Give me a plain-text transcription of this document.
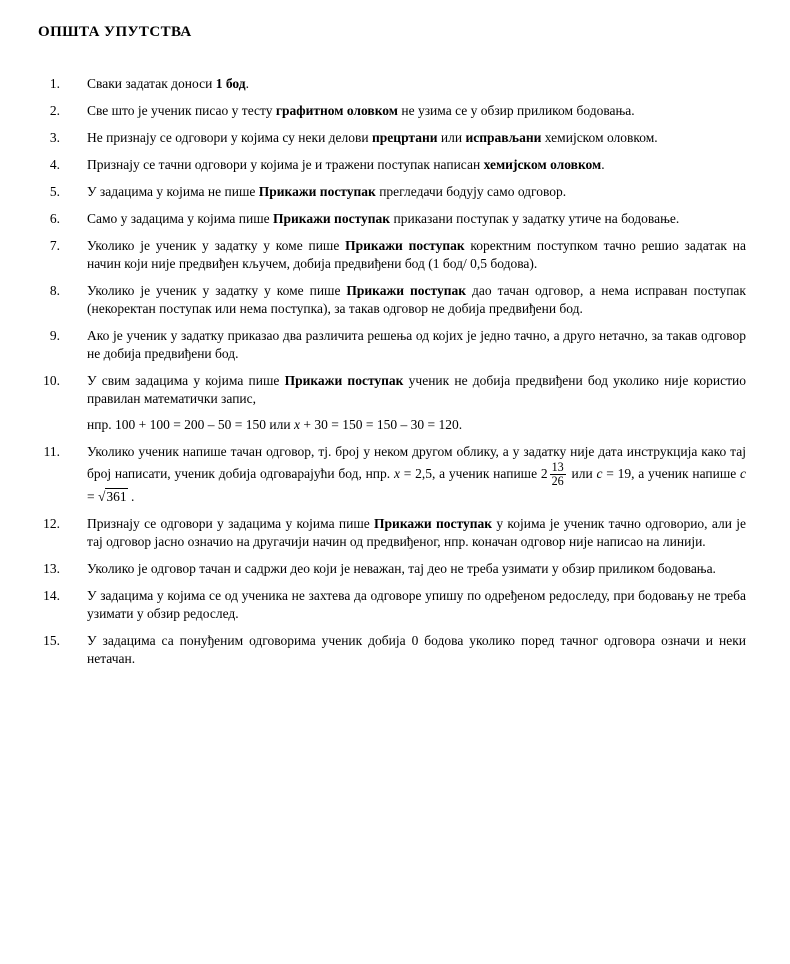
ОПШТА УПУТСТВА
1. Сваки задатак доноси 1 бод.
2. Све што је ученик писао у тесту графитном оловком не узима се у обзир приликом бодовања.
3. Не признају се одговори у којима су неки делови прецртани или исправљани хемијском оловком.
4. Признају се тачни одговори у којима је и тражени поступак написан хемијском оловком.
5. У задацима у којима не пише Прикажи поступак прегледачи бодују само одговор.
6. Само у задацима у којима пише Прикажи поступак приказани поступак у задатку утиче на бодовање.
7. Уколико је ученик у задатку у коме пише Прикажи поступак коректним поступком тачно решио задатак на начин који није предвиђен кључем, добија предвиђени бод (1 бод/ 0,5 бодова).
8. Уколико је ученик у задатку у коме пише Прикажи поступак дао тачан одговор, а нема исправан поступак (некоректан поступак или нема поступка), за такав одговор не добија предвиђени бод.
9. Ако је ученик у задатку приказао два различита решења од којих је једно тачно, а друго нетачно, за такав одговор не добија предвиђени бод.
10. У свим задацима у којима пише Прикажи поступак ученик не добија предвиђени бод уколико није користио правилан математички запис,
нпр. 100 + 100 = 200 – 50 = 150 или x + 30 = 150 = 150 – 30 = 120.
11. Уколико ученик напише тачан одговор, тј. број у неком другом облику, а у задатку није дата инструкција како тај број написати, ученик добија одговарајући бод, нпр. x = 2,5, а ученик напише $2 \frac{13}{26}$ или c = 19, а ученик напише c = √361 .
12. Признају се одговори у задацима у којима пише Прикажи поступак у којима је ученик тачно одговорио, али је тај одговор јасно означио на другачији начин од предвиђеног, нпр. коначан одговор није написао на линији.
13. Уколико је одговор тачан и садржи део који је неважан, тај део не треба узимати у обзир приликом бодовања.
14. У задацима у којима се од ученика не захтева да одговоре упишу по одређеном редоследу, при бодовању не треба узимати у обзир редослед.
15. У задацима са понуђеним одговорима ученик добија 0 бодова уколико поред тачног одговора означи и неки нетачан.
